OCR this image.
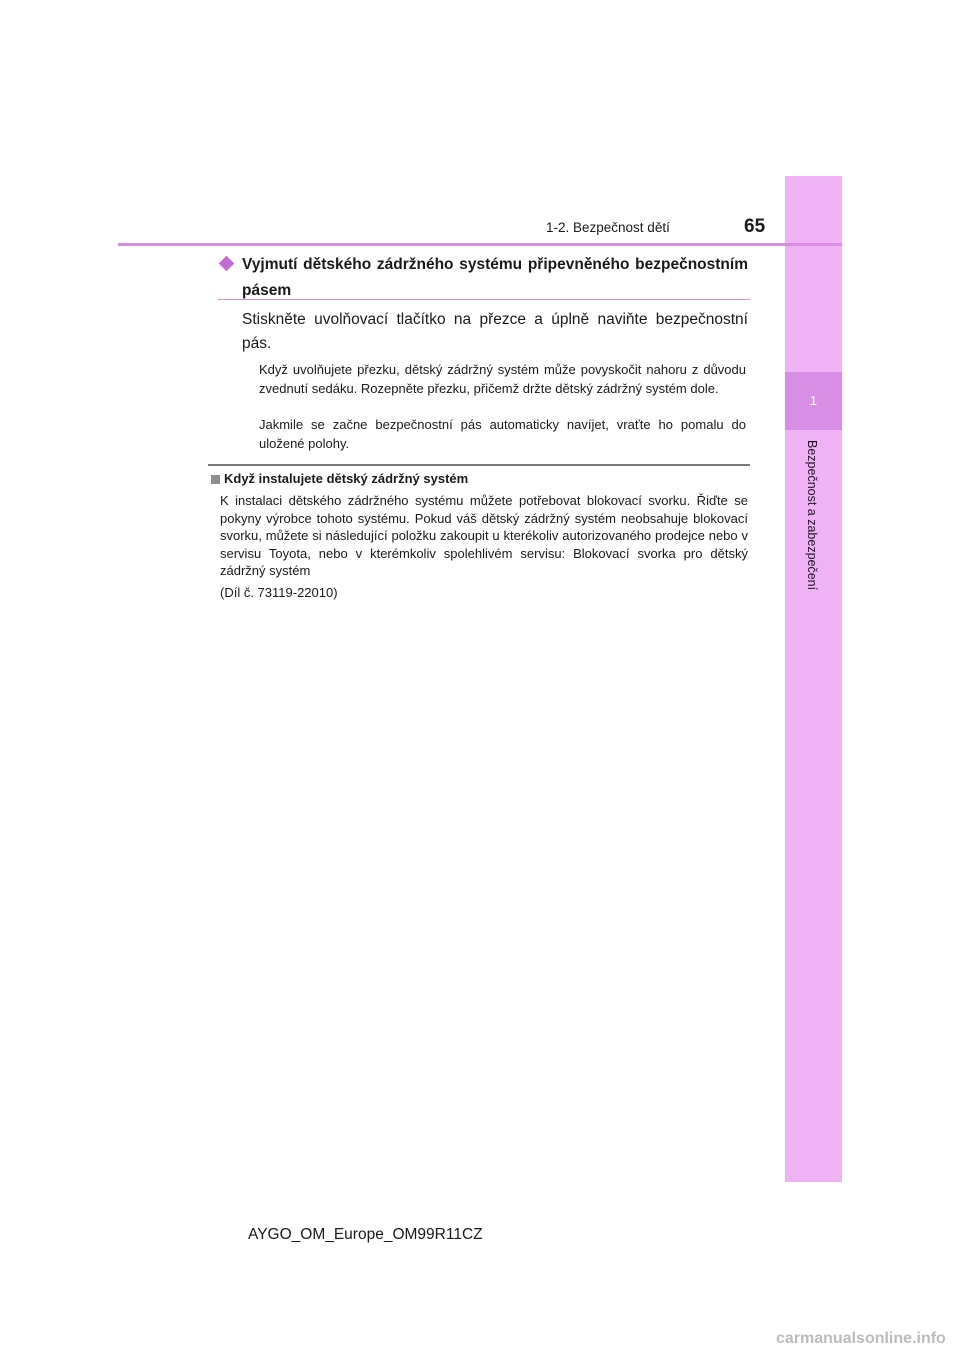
1
Bezpečnost a zabezpečení
1-2. Bezpečnost dětí	65
Vyjmutí dětského zádržného systému připevněného bezpečnostním pásem
Stiskněte uvolňovací tlačítko na přezce a úplně naviňte bezpečnostní pás.
Když uvolňujete přezku, dětský zádržný systém může povyskočit nahoru z důvodu zvednutí sedáku. Rozepněte přezku, přičemž držte dětský zádržný systém dole.
Jakmile se začne bezpečnostní pás automaticky navíjet, vraťte ho pomalu do uložené polohy.
Když instalujete dětský zádržný systém
K instalaci dětského zádržného systému můžete potřebovat blokovací svorku. Řiďte se pokyny výrobce tohoto systému. Pokud váš dětský zádržný systém neobsahuje blokovací svorku, můžete si následující položku zakoupit u kterékoliv autorizovaného prodejce nebo v servisu Toyota, nebo v kterémkoliv spolehlivém servisu: Blokovací svorka pro dětský zádržný systém
(Díl č. 73119-22010)
AYGO_OM_Europe_OM99R11CZ
carmanualsonline.info
